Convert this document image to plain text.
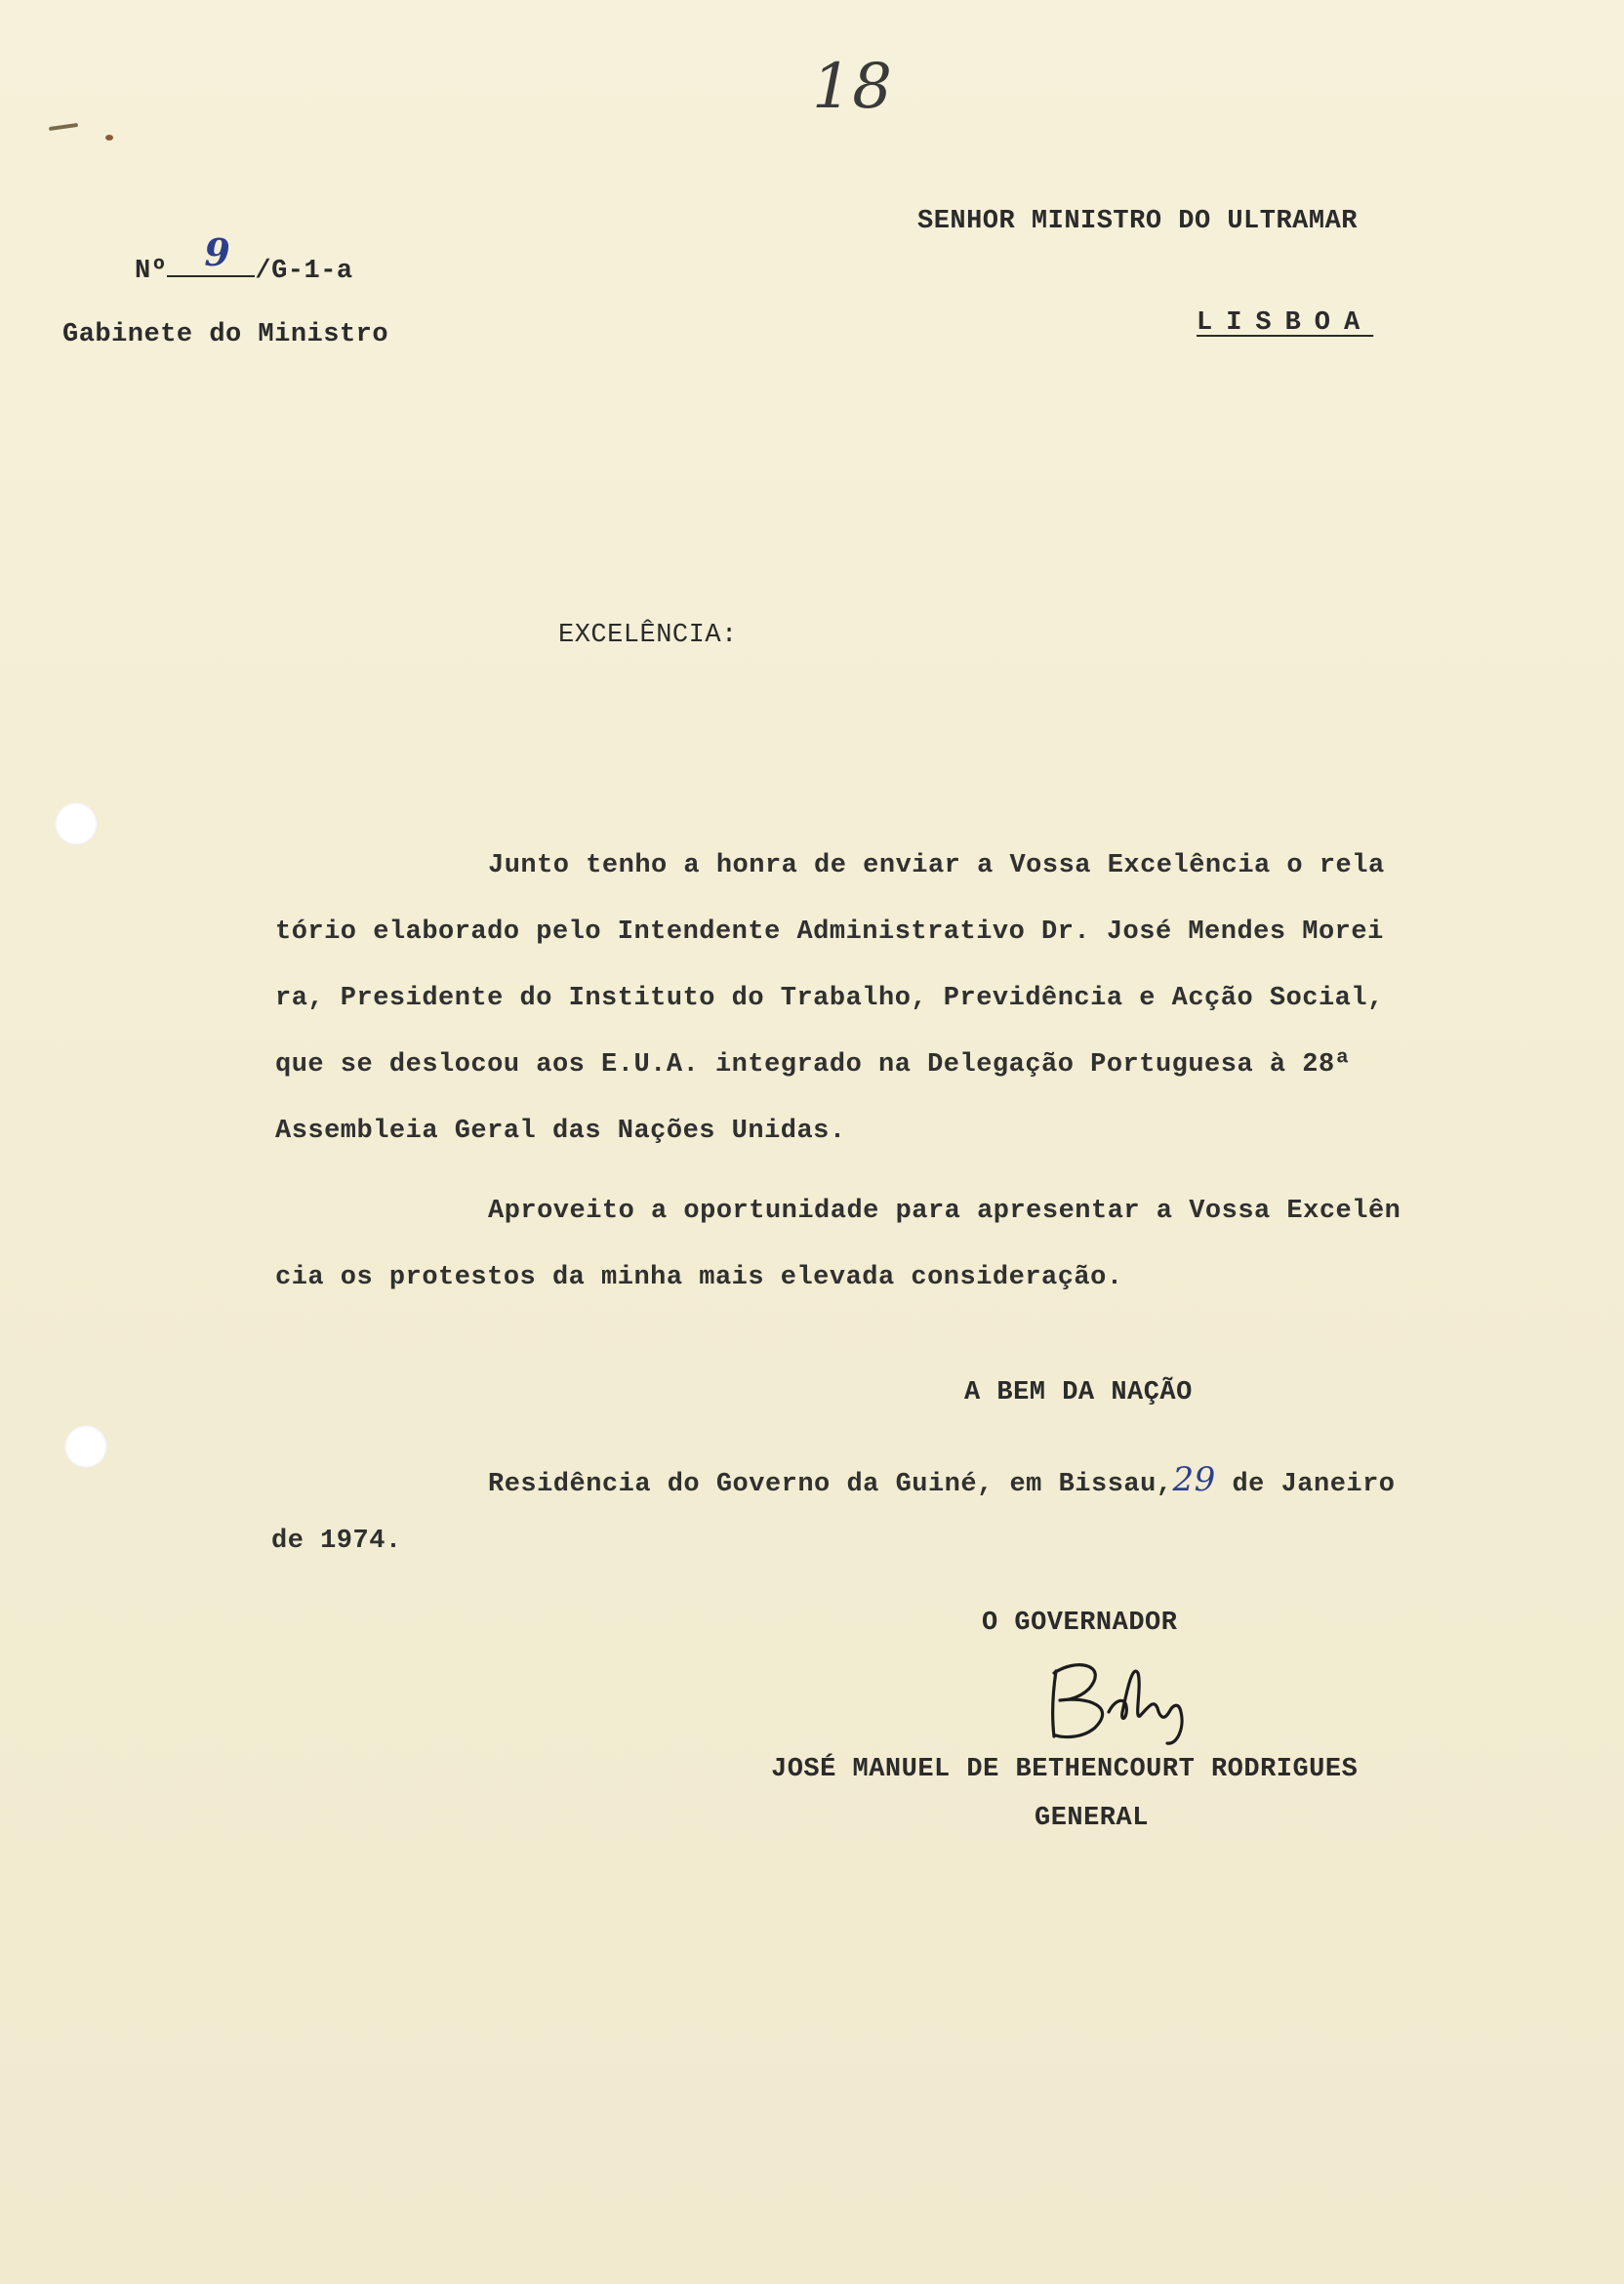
18
SENHOR MINISTRO DO ULTRAMAR
LISBOA
Nº 9 /G-1-a
Gabinete do Ministro
EXCELÊNCIA:
Junto tenho a honra de enviar a Vossa Excelência o rela
tório elaborado pelo Intendente Administrativo Dr. José Mendes Morei
ra, Presidente do Instituto do Trabalho, Previdência e Acção Social,
que se deslocou aos E.U.A. integrado na Delegação Portuguesa à 28ª
Assembleia Geral das Nações Unidas.
Aproveito a oportunidade para apresentar a Vossa Excelên
cia os protestos da minha mais elevada consideração.
A BEM DA NAÇÃO
Residência do Governo da Guiné, em Bissau,29 de Janeiro
de 1974.
O GOVERNADOR
JOSÉ MANUEL DE BETHENCOURT RODRIGUES
GENERAL
